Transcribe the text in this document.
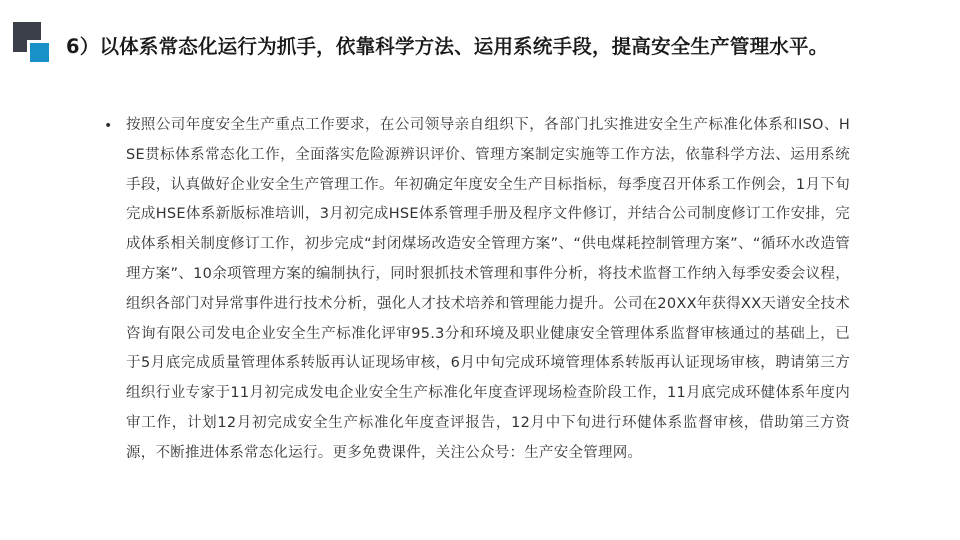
6）以体系常态化运行为抓手，依靠科学方法、运用系统手段，提高安全生产管理水平。
• 按照公司年度安全生产重点工作要求，在公司领导亲自组织下，各部门扎实推进安全生产标准化体系和ISO、HSE贯标体系常态化工作，全面落实危险源辨识评价、管理方案制定实施等工作方法，依靠科学方法、运用系统手段，认真做好企业安全生产管理工作。年初确定年度安全生产目标指标，每季度召开体系工作例会，1月下旬完成HSE体系新版标准培训，3月初完成HSE体系管理手册及程序文件修订，并结合公司制度修订工作安排，完成体系相关制度修订工作，初步完成“封闭煤场改造安全管理方案”、“供电煤耗控制管理方案”、“循环水改造管理方案”、10余项管理方案的编制执行，同时狠抓技术管理和事件分析，将技术监督工作纳入每季安委会议程，组织各部门对异常事件进行技术分析，强化人才技术培养和管理能力提升。公司在20XX年获得XX天谱安全技术咨询有限公司发电企业安全生产标准化评审95.3分和环境及职业健康安全管理体系监督审核通过的基础上，已于5月底完成质量管理体系转版再认证现场审核，6月中旬完成环境管理体系转版再认证现场审核，聘请第三方组织行业专家于11月初完成发电企业安全生产标准化年度查评现场检查阶段工作，11月底完成环健体系年度内审工作，计划12月初完成安全生产标准化年度查评报告，12月中下旬进行环健体系监督审核，借助第三方资源，不断推进体系常态化运行。更多免费课件，关注公众号：生产安全管理网。
